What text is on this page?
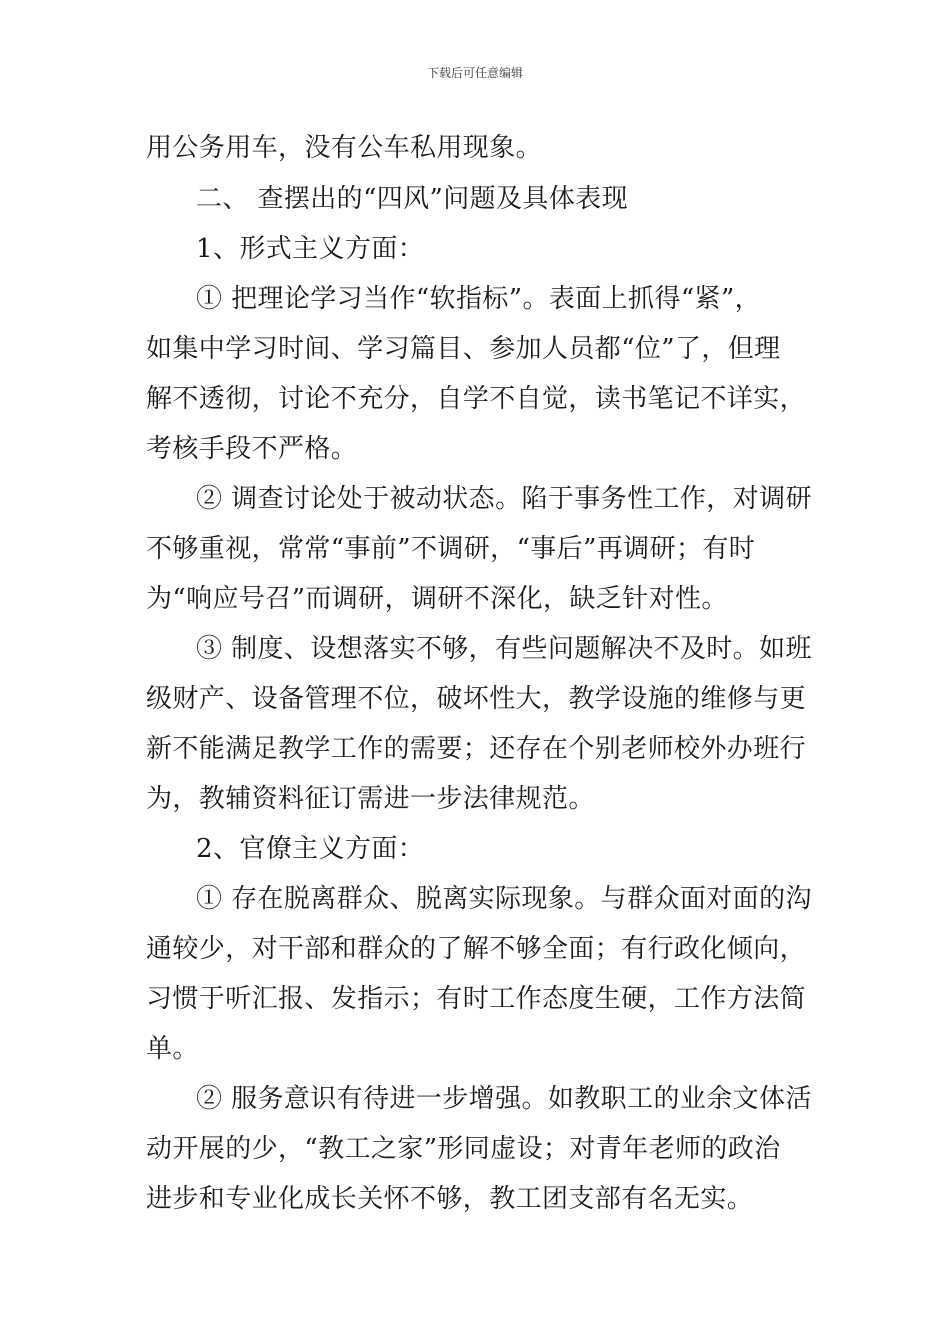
下载后可任意编辑
用公务用车，没有公车私用现象。
二、 查摆出的“四风”问题及具体表现
1、形式主义方面：
① 把理论学习当作“软指标”。表面上抓得“紧”，
如集中学习时间、学习篇目、参加人员都“位”了，但理
解不透彻，讨论不充分，自学不自觉，读书笔记不详实，
考核手段不严格。
② 调查讨论处于被动状态。陷于事务性工作，对调研
不够重视，常常“事前”不调研，“事后”再调研；有时
为“响应号召”而调研，调研不深化，缺乏针对性。
③ 制度、设想落实不够，有些问题解决不及时。如班
级财产、设备管理不位，破坏性大，教学设施的维修与更
新不能满足教学工作的需要；还存在个别老师校外办班行
为，教辅资料征订需进一步法律规范。
2、官僚主义方面：
① 存在脱离群众、脱离实际现象。与群众面对面的沟
通较少，对干部和群众的了解不够全面；有行政化倾向，
习惯于听汇报、发指示；有时工作态度生硬，工作方法简
单。
② 服务意识有待进一步增强。如教职工的业余文体活
动开展的少，“教工之家”形同虚设；对青年老师的政治
进步和专业化成长关怀不够，教工团支部有名无实。
